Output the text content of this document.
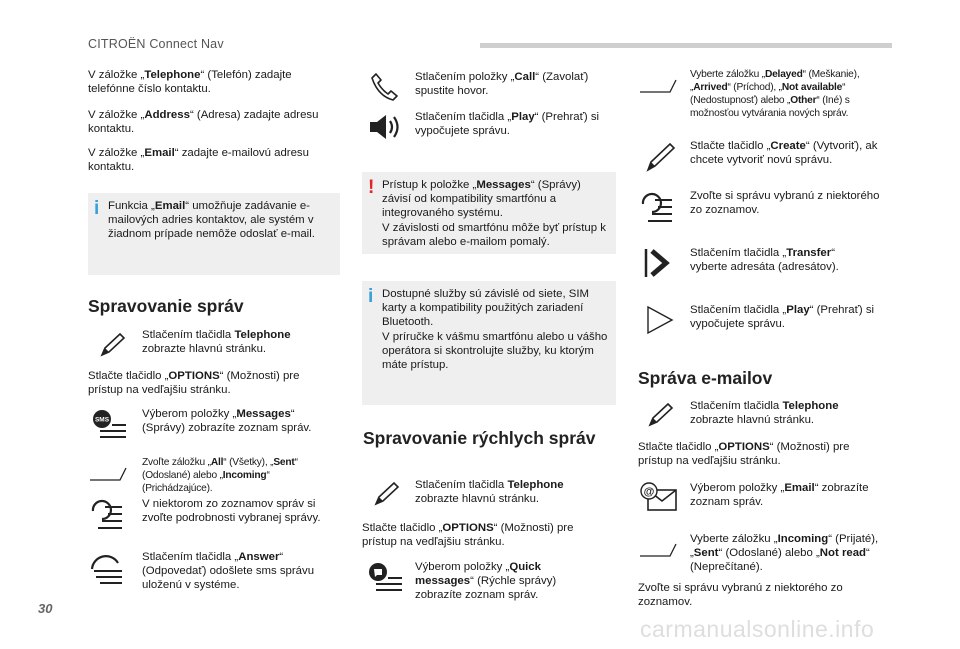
CITROËN Connect Nav

V záložke „Telephone“ (Telefón) zadajte telefónne číslo kontaktu.

V záložke „Address“ (Adresa) zadajte adresu kontaktu.

V záložke „Email“ zadajte e-mailovú adresu kontaktu.

i Funkcia „Email“ umožňuje zadávanie e-mailových adries kontaktov, ale systém v žiadnom prípade nemôže odoslať e-mail.
Spravovanie správ

Stlačením tlačidla Telephone zobrazte hlavnú stránku.

Stlačte tlačidlo „OPTIONS“ (Možnosti) pre prístup na vedľajšiu stránku.

SMS	Výberom položky „Messages“ (Správy) zobrazíte zoznam správ.

Zvoľte záložku „All“ (Všetky), „Sent“ (Odoslané) alebo „Incoming“ (Prichádzajúce).

V niektorom zo zoznamov správ si zvoľte podrobnosti vybranej správy.

Stlačením tlačidla „Answer“ (Odpovedať) odošlete sms správu uloženú v systéme.

Stlačením položky „Call“ (Zavolať) spustite hovor.

Stlačením tlačidla „Play“ (Prehrať) si vypočujete správu.

! Prístup k položke „Messages“ (Správy) závisí od kompatibility smartfónu a integrovaného systému.
V závislosti od smartfónu môže byť prístup k správam alebo e-mailom pomalý.
i Dostupné služby sú závislé od siete, SIM karty a kompatibility použitých zariadení Bluetooth.
V príručke k vášmu smartfónu alebo u vášho operátora si skontrolujte služby, ku ktorým máte prístup.
Spravovanie rýchlych správ

Stlačením tlačidla Telephone zobrazte hlavnú stránku.

Stlačte tlačidlo „OPTIONS“ (Možnosti) pre prístup na vedľajšiu stránku.

Výberom položky „Quick messages“ (Rýchle správy) zobrazíte zoznam správ.

Vyberte záložku „Delayed“ (Meškanie), „Arrived“ (Príchod), „Not available“ (Nedostupnosť) alebo „Other“ (Iné) s možnosťou vytvárania nových správ.

Stlačte tlačidlo „Create“ (Vytvoriť), ak chcete vytvoriť novú správu.

Zvoľte si správu vybranú z niektorého zo zoznamov.

Stlačením tlačidla „Transfer“ vyberte adresáta (adresátov).

Stlačením tlačidla „Play“ (Prehrať) si vypočujete správu.

Správa e-mailov

Stlačením tlačidla Telephone zobrazte hlavnú stránku.

Stlačte tlačidlo „OPTIONS“ (Možnosti) pre prístup na vedľajšiu stránku.

@	Výberom položky „Email“ zobrazíte zoznam správ.

Vyberte záložku „Incoming“ (Prijaté), „Sent“ (Odoslané) alebo „Not read“ (Neprečítané).

Zvoľte si správu vybranú z niektorého zo zoznamov.

30
carmanualsonline.info
